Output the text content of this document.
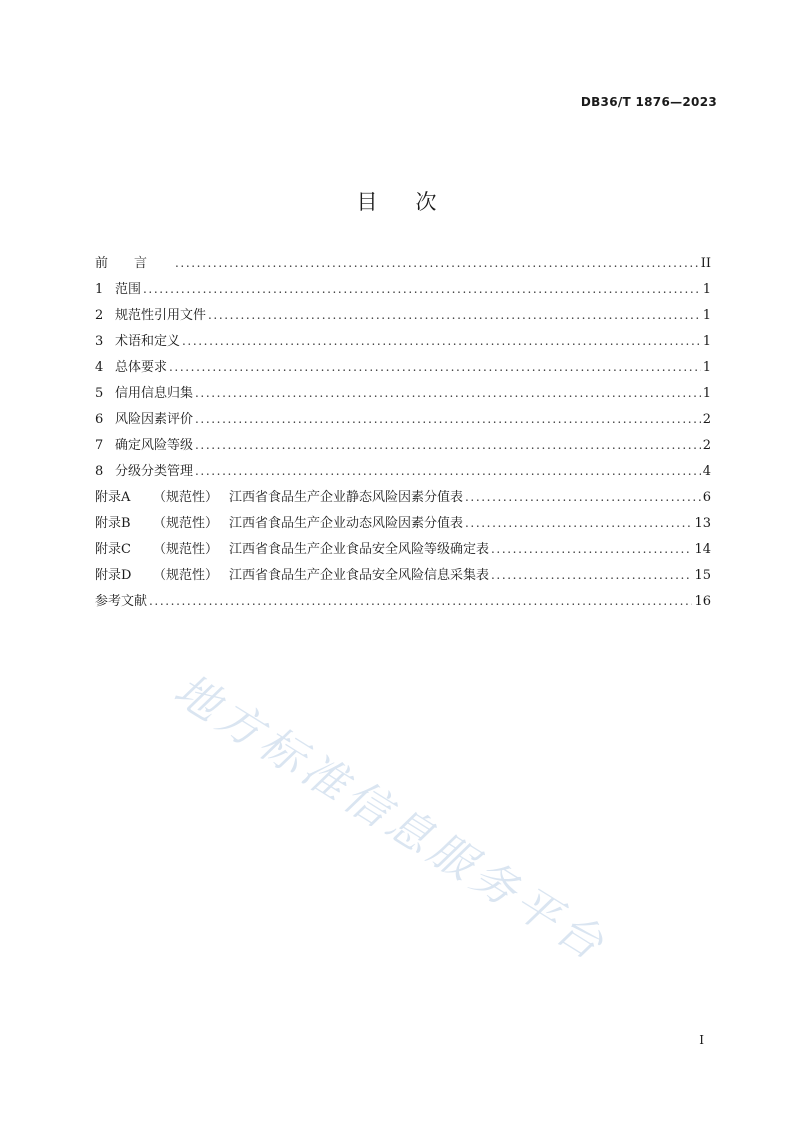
DB36/T 1876—2023
目 次
前言 .....	II
1 范围 .....	1
2 规范性引用文件 .....	1
3 术语和定义 .....	1
4 总体要求 .....	1
5 信用信息归集 .....	1
6 风险因素评价 .....	2
7 确定风险等级 .....	2
8 分级分类管理 .....	4
附录A （规范性） 江西省食品生产企业静态风险因素分值表 .....	6
附录B （规范性） 江西省食品生产企业动态风险因素分值表 .....	13
附录C （规范性） 江西省食品生产企业食品安全风险等级确定表 .....	14
附录D （规范性） 江西省食品生产企业食品安全风险信息采集表 .....	15
参考文献 .....	16
地方标准信息服务平台
I
